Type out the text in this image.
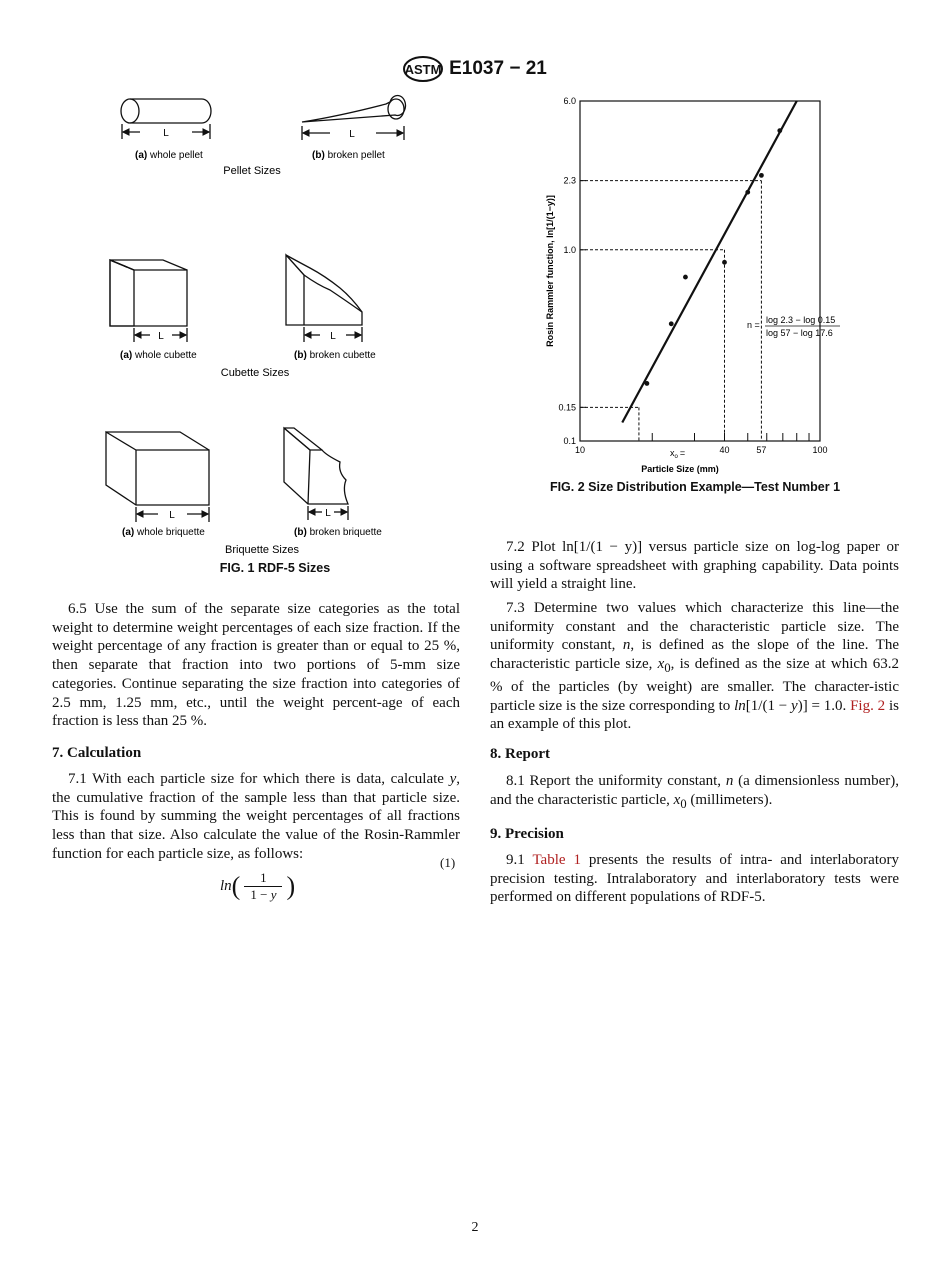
ASTM E1037 − 21
L
(a) whole pellet
L
(b) broken pellet
Pellet Sizes
L
(a) whole cubette
L
(b) broken cubette
Cubette Sizes
L
(a) whole briquette
L
(b) broken briquette
Briquette Sizes
FIG. 1 RDF-5 Sizes
6.0
2.3
1.0
0.15
0.1
10	40	57	100
Particle Size (mm)
Rosin Rammler function, ln[1/(1−y)]
$x_o$ =
n = log 2.3 − log 0.15
log 57 − log 17.6
FIG. 2 Size Distribution Example—Test Number 1
6.5 Use the sum of the separate size categories as the total weight to determine weight percentages of each size fraction. If the weight percentage of any fraction is greater than or equal to 25 %, then separate that fraction into two portions of 5-mm size categories. Continue separating the size fraction into categories of 2.5 mm, 1.25 mm, etc., until the weight percent-age of each fraction is less than 25 %.
7. Calculation
7.1 With each particle size for which there is data, calculate y, the cumulative fraction of the sample less than that particle size. This is found by summing the weight percentages of all fractions less than that size. Also calculate the value of the Rosin-Rammler function for each particle size, as follows:
$\ln( \frac{1}{1 - y}$ )
(1)
7.2 Plot ln[1/(1 − y)] versus particle size on log-log paper or using a software spreadsheet with graphing capability. Data points will yield a straight line.
7.3 Determine two values which characterize this line—the uniformity constant and the characteristic particle size. The uniformity constant, n, is defined as the slope of the line. The characteristic particle size, $x_0$, is defined as the size at which 63.2 % of the particles (by weight) are smaller. The character-istic particle size is the size corresponding to ln[1/(1 − y)] = 1.0. Fig. 2 is an example of this plot.
8. Report
8.1 Report the uniformity constant, n (a dimensionless number), and the characteristic particle, $x_0$ (millimeters).
9. Precision
9.1 Table 1 presents the results of intra- and interlaboratory precision testing. Intralaboratory and interlaboratory tests were performed on different populations of RDF-5.
2
